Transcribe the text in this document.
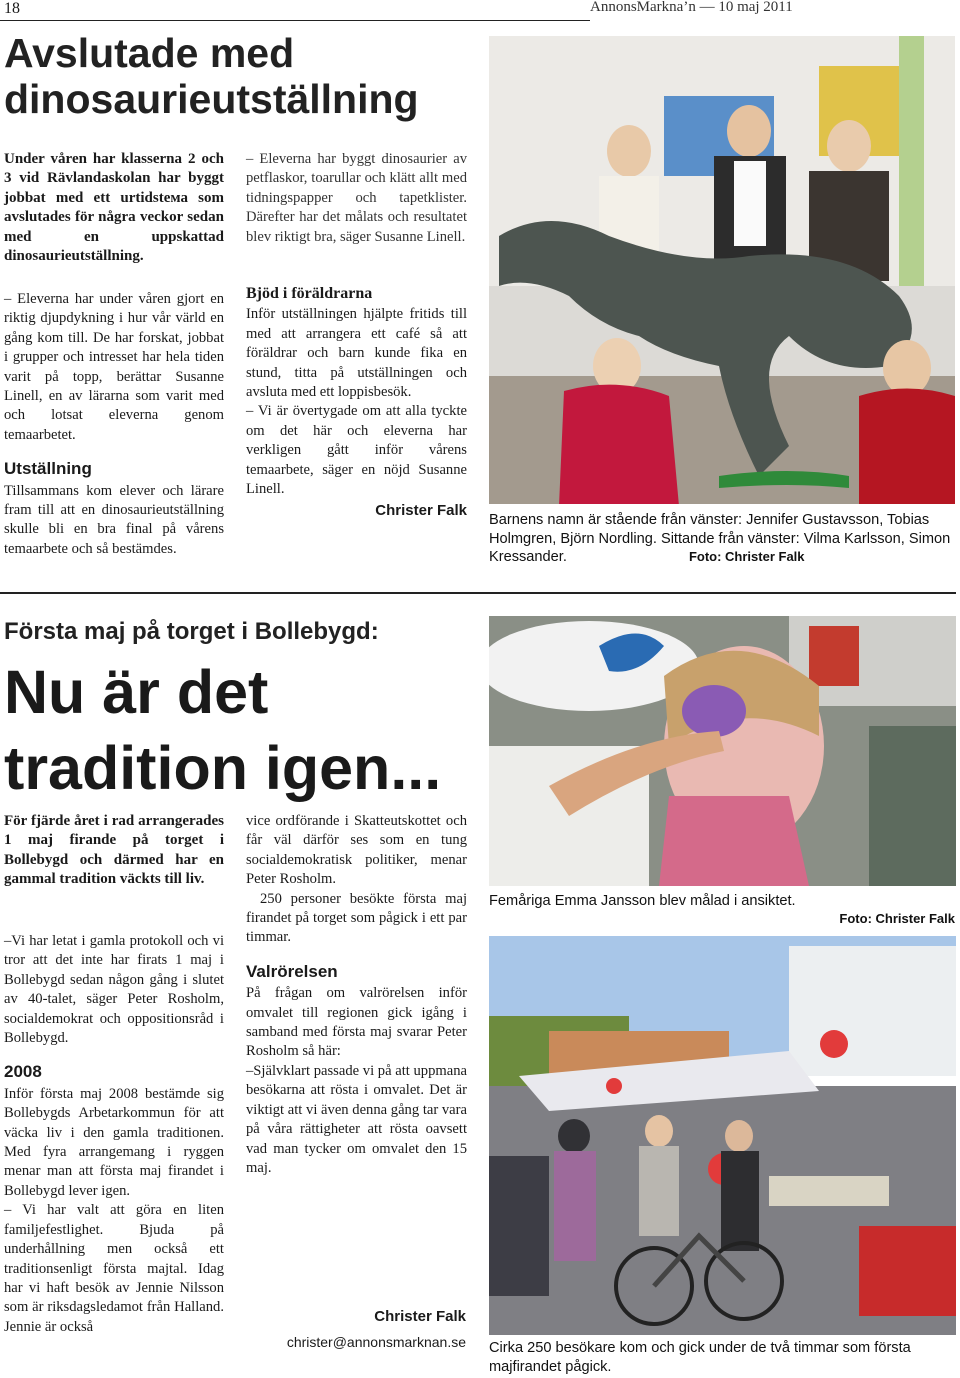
18	AnnonsMarkna’n — 10 maj 2011
Avslutade med
dinosaurieutställning

Under våren har klasserna 2 och 3 vid Rävlandaskolan har byggt jobbat med ett urtidsteма som avslutades för några veckor sedan med en uppskattad dinosaurieutställning.

– Eleverna har under våren gjort en riktig djupdykning i hur vår värld en gång kom till. De har forskat, jobbat i grupper och intresset har hela tiden varit på topp, berättar Susanne Linell, en av lärarna som varit med och lotsat eleverna genom temaarbetet.

Utställning

Tillsammans kom elever och lärare fram till att en dinosaurieutställning skulle bli en bra final på vårens temaarbete och så bestämdes.

– Eleverna har byggt dinosaurier av petflaskor, toarullar och klätt allt med tidningspapper och tapetklister. Därefter har det målats och resultatet blev riktigt bra, säger Susanne Linell.

Bjöd i föräldrarna

Inför utställningen hjälpte fritids till med att arrangera ett café så att föräldrar och barn kunde fika en stund, titta på utställningen och avsluta med ett loppisbesök.

– Vi är övertygade om att alla tyckte om det här och eleverna har verkligen gått inför vårens temaarbete, säger en nöjd Susanne Linell.

Christer Falk
Barnens namn är stående från vänster: Jennifer Gustavsson, Tobias Holmgren, Björn Nordling. Sittande från vänster: Vilma Karlsson, Simon Kressander.	Foto: Christer Falk
Första maj på torget i Bollebygd:
Nu är det
tradition igen...

För fjärde året i rad arrangerades 1 maj firande på torget i Bollebygd och därmed har en gammal tradition väckts till liv.

–Vi har letat i gamla protokoll och vi tror att det inte har firats 1 maj i Bollebygd sedan någon gång i slutet av 40-talet, säger Peter Rosholm, socialdemokrat och oppositionsråd i Bollebygd.

2008

Inför första maj 2008 bestämde sig Bollebygds Arbetarkommun för att väcka liv i den gamla traditionen. Med fyra arrangemang i ryggen menar man att första maj firandet i Bollebygd lever igen.

– Vi har valt att göra en liten familjefestlighet. Bjuda på underhållning men också ett traditionsenligt första majtal. Idag har vi haft besök av Jennie Nilsson som är riksdagsledamot från Halland. Jennie är också

vice ordförande i Skatteutskottet och får väl därför ses som en tung socialdemokratisk politiker, menar Peter Rosholm.

250 personer besökte första maj firandet på torget som pågick i ett par timmar.

Valrörelsen

På frågan om valrörelsen inför omvalet till regionen gick igång i samband med första maj svarar Peter Rosholm så här:

–Självklart passade vi på att uppmana besökarna att rösta i omvalet. Det är viktigt att vi även denna gång tar vara på våra rättigheter att rösta oavsett vad man tycker om omvalet den 15 maj.

Christer Falk
christer@annonsmarknan.se
Femåriga Emma Jansson blev målad i ansiktet.
Foto: Christer Falk
Cirka 250 besökare kom och gick under de två timmar som första majfirandet pågick.
